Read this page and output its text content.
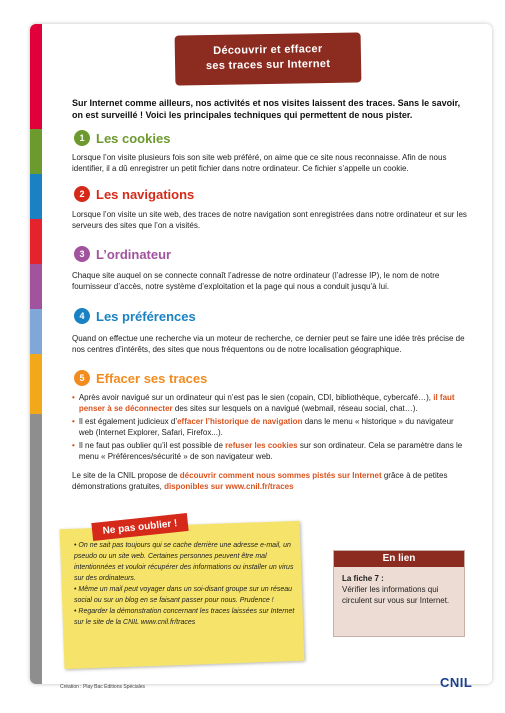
Fiche n°10
Découvrir et effacer
ses traces sur Internet
Sur Internet comme ailleurs, nos activités et nos visites laissent des traces. Sans le savoir, on est surveillé ! Voici les principales techniques qui permettent de nous pister.
1 Les cookies
Lorsque l’on visite plusieurs fois son site web préféré, on aime que ce site nous reconnaisse. Afin de nous identifier, il a dû enregistrer un petit fichier dans notre ordinateur. Ce fichier s’appelle un cookie.
2 Les navigations
Lorsque l’on visite un site web, des traces de notre navigation sont enregistrées dans notre ordinateur et sur les serveurs des sites que l’on a visités.
3 L’ordinateur
Chaque site auquel on se connecte connaît l’adresse de notre ordinateur (l’adresse IP), le nom de notre fournisseur d’accès, notre système d’exploitation et la page qui nous a conduit jusqu’à lui.
4 Les préférences
Quand on effectue une recherche via un moteur de recherche, ce dernier peut se faire une idée très précise de nos centres d’intérêts, des sites que nous fréquentons ou de notre localisation géographique.
5 Effacer ses traces
• Après avoir navigué sur un ordinateur qui n’est pas le sien (copain, CDI, bibliothèque, cybercafé…), il faut penser à se déconnecter des sites sur lesquels on a navigué (webmail, réseau social, chat…).
• Il est également judicieux d’effacer l’historique de navigation dans le menu « historique » du navigateur web (Internet Explorer, Safari, Firefox...).
• Il ne faut pas oublier qu’il est possible de refuser les cookies sur son ordinateur. Cela se paramètre dans le menu « Préférences/sécurité » de son navigateur web.
Le site de la CNIL propose de découvrir comment nous sommes pistés sur Internet grâce à de petites démonstrations gratuites, disponibles sur www.cnil.fr/traces
Ne pas oublier !
• On ne sait pas toujours qui se cache derrière une adresse e-mail, un pseudo ou un site web. Certaines personnes peuvent être mal intentionnées et vouloir récupérer des informations ou installer un virus sur des ordinateurs.
• Même un mail peut voyager dans un soi-disant groupe sur un réseau social ou sur un blog en se faisant passer pour nous. Prudence !
• Regarder la démonstration concernant les traces laissées sur Internet sur le site de la CNIL www.cnil.fr/traces
En lien
La fiche 7 :
Vérifier les informations qui circulent sur vous sur Internet.
Création : Play Bac Éditions Spéciales	CNIL
